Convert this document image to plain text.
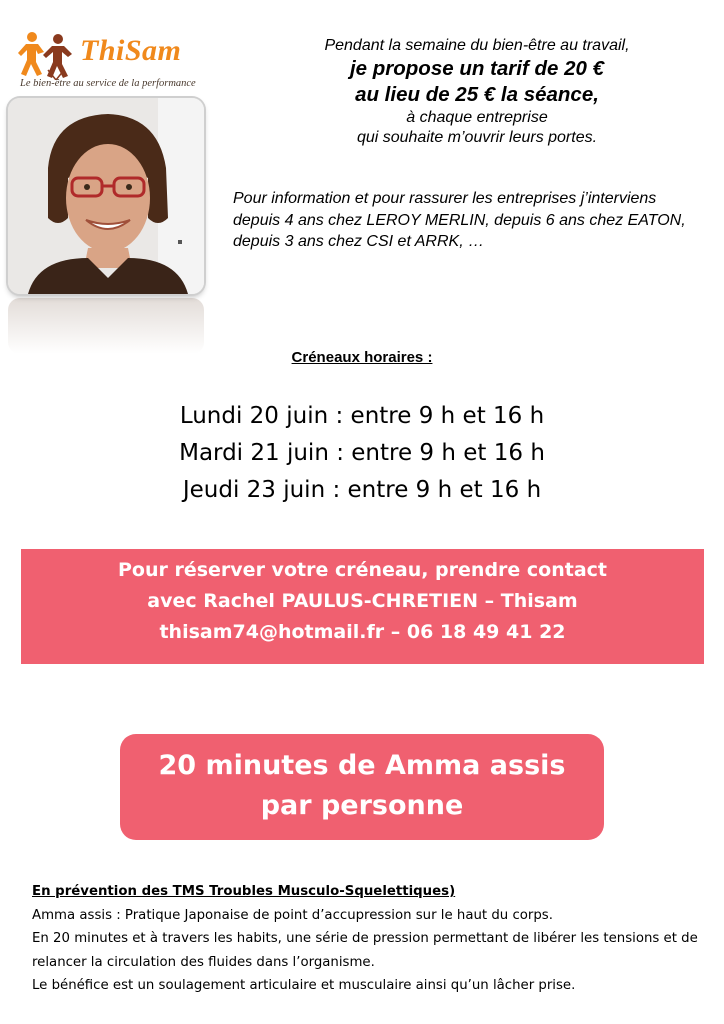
ThiSam
Le bien-être au service de la performance
Pendant la semaine du bien-être au travail,
je propose un tarif de 20 €
au lieu de 25 € la séance,
à chaque entreprise
qui souhaite m’ouvrir leurs portes.
Pour information et pour rassurer les entreprises j’interviens depuis 4 ans chez LEROY MERLIN, depuis 6 ans chez EATON, depuis 3 ans chez CSI et ARRK, …
Créneaux horaires :
Lundi 20 juin : entre 9 h et 16 h
Mardi 21 juin : entre 9 h et 16 h
Jeudi 23 juin : entre 9 h et 16 h
Pour réserver votre créneau, prendre contact
avec Rachel PAULUS-CHRETIEN – Thisam
thisam74@hotmail.fr – 06 18 49 41 22
20 minutes de Amma assis
par personne
En prévention des TMS Troubles Musculo-Squelettiques)
Amma assis : Pratique Japonaise de point d’accupression sur le haut du corps.
En 20 minutes et à travers les habits, une série de pression permettant de libérer les tensions et de relancer la circulation des fluides dans l’organisme.
Le bénéfice est un soulagement articulaire et musculaire ainsi qu’un lâcher prise.
